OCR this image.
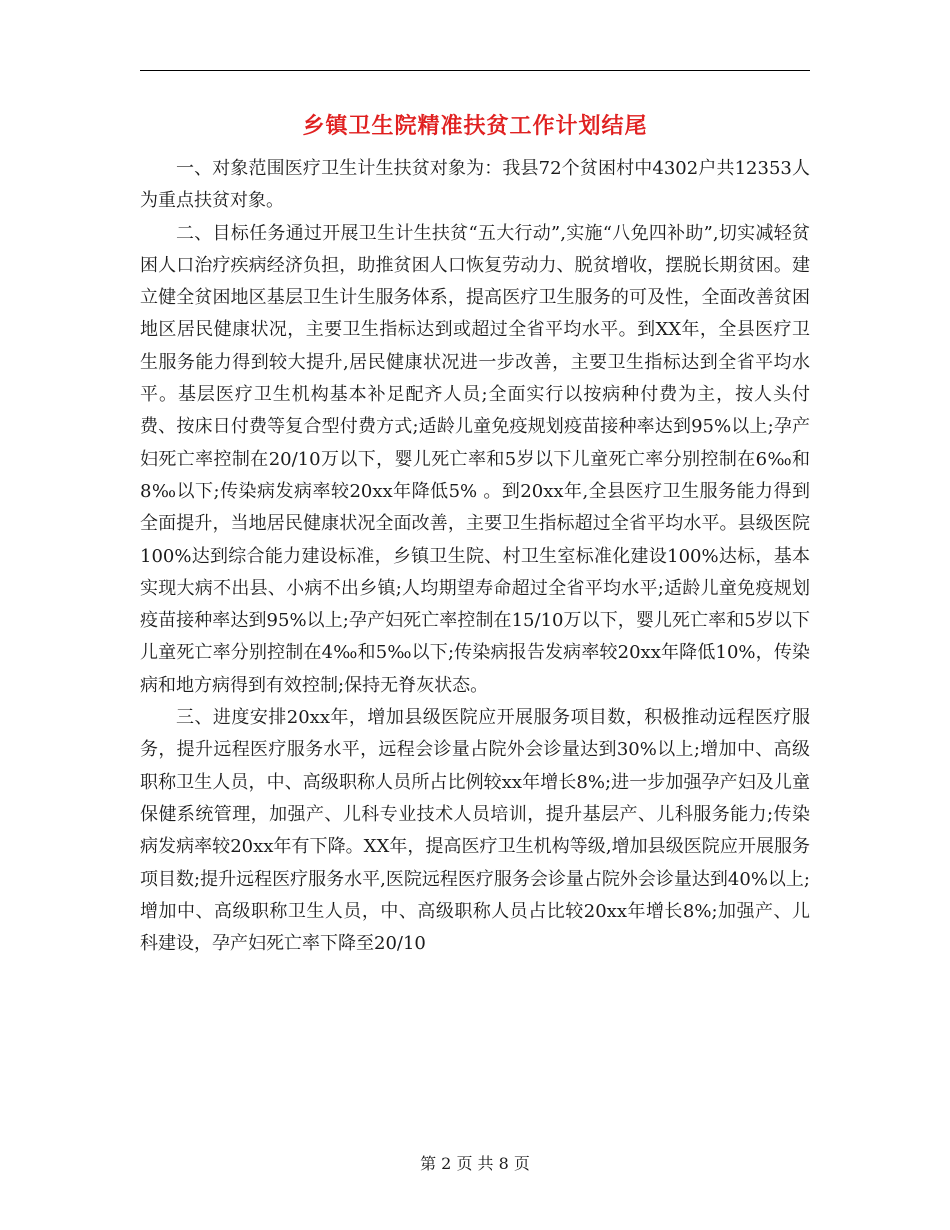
乡镇卫生院精准扶贫工作计划结尾

一、对象范围医疗卫生计生扶贫对象为：我县72个贫困村中4302户共12353人为重点扶贫对象。

二、目标任务通过开展卫生计生扶贫“五大行动”,实施“八免四补助”,切实减轻贫困人口治疗疾病经济负担，助推贫困人口恢复劳动力、脱贫增收，摆脱长期贫困。建立健全贫困地区基层卫生计生服务体系，提高医疗卫生服务的可及性，全面改善贫困地区居民健康状况，主要卫生指标达到或超过全省平均水平。到XX年，全县医疗卫生服务能力得到较大提升,居民健康状况进一步改善，主要卫生指标达到全省平均水平。基层医疗卫生机构基本补足配齐人员;全面实行以按病种付费为主，按人头付费、按床日付费等复合型付费方式;适龄儿童免疫规划疫苗接种率达到95%以上;孕产妇死亡率控制在20/10万以下，婴儿死亡率和5岁以下儿童死亡率分别控制在6‰和8‰以下;传染病发病率较20xx年降低5% 。到20xx年,全县医疗卫生服务能力得到全面提升，当地居民健康状况全面改善，主要卫生指标超过全省平均水平。县级医院100%达到综合能力建设标准，乡镇卫生院、村卫生室标准化建设100%达标，基本实现大病不出县、小病不出乡镇;人均期望寿命超过全省平均水平;适龄儿童免疫规划疫苗接种率达到95%以上;孕产妇死亡率控制在15/10万以下，婴儿死亡率和5岁以下儿童死亡率分别控制在4‰和5‰以下;传染病报告发病率较20xx年降低10%，传染病和地方病得到有效控制;保持无脊灰状态。

三、进度安排20xx年，增加县级医院应开展服务项目数，积极推动远程医疗服务，提升远程医疗服务水平，远程会诊量占院外会诊量达到30%以上;增加中、高级职称卫生人员，中、高级职称人员所占比例较xx年增长8%;进一步加强孕产妇及儿童保健系统管理，加强产、儿科专业技术人员培训，提升基层产、儿科服务能力;传染病发病率较20xx年有下降。XX年，提高医疗卫生机构等级,增加县级医院应开展服务项目数;提升远程医疗服务水平,医院远程医疗服务会诊量占院外会诊量达到40%以上;增加中、高级职称卫生人员，中、高级职称人员占比较20xx年增长8%;加强产、儿科建设，孕产妇死亡率下降至20/10

第 2 页 共 8 页
